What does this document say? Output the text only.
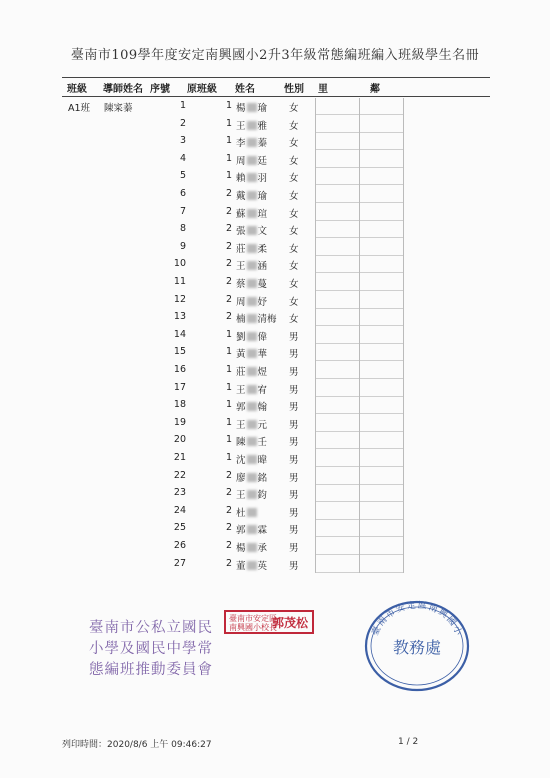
臺南市109學年度安定南興國小2升3年級常態編班編入班級學生名冊
班級 導師姓名 序號 原班級 姓名	性別 里	鄰
A1班 陳寀蓁	1	1 楊 瑜 女
2	1 王 雅 女
3	1 李 蓁 女
4	1 周 廷 女
5	1 賴 羽 女
6	2 戴 瑜 女
7	2 蘇 瑄 女
8	2 張 文 女
9	2 莊 柔 女
10	2 王 涵 女
11	2 蔡 蔓 女
12	2 周 妤 女
13	2 楠 清梅 女
14	1 劉 偉 男
15	1 黃 華 男
16	1 莊 煜 男
17	1 王 宥 男
18	1 郭 翰 男
19	1 王 元 男
20	1 陳 壬 男
21	1 沈 暐 男
22	2 廖 銘 男
23	2 王 鈞 男
24	2 杜	男
25	2 郭 霖 男
26	2 楊 承 男
27	2 董 英 男
臺南市公私立國民
小學及國民中學常
態編班推動委員會
臺南市安定區
南興國小校長
郭茂松
臺南市安定區南興國小
教務處
列印時間：2020/8/6 上午 09:46:27	1 / 2
